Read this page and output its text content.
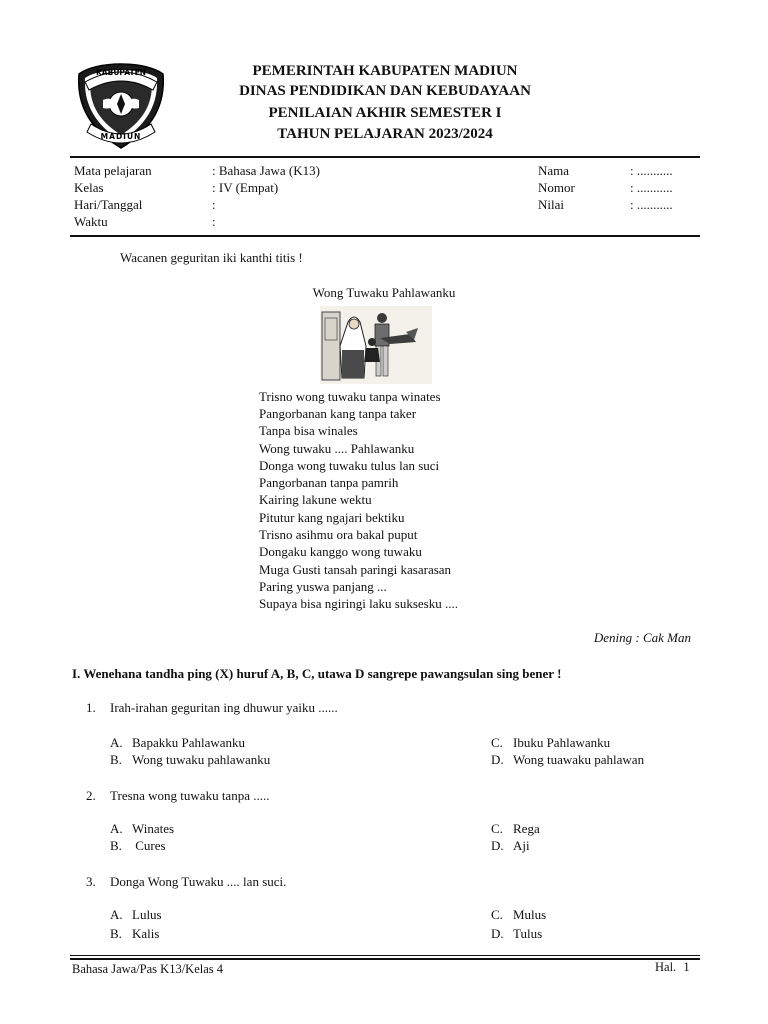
KABUPATEN
MADIUN
PEMERINTAH KABUPATEN MADIUN
DINAS PENDIDIKAN DAN KEBUDAYAAN
PENILAIAN AKHIR SEMESTER I
TAHUN PELAJARAN 2023/2024
Mata pelajaran	: Bahasa Jawa (K13)	Nama	: ...........
Kelas	: IV (Empat)	Nomor	: ...........
Hari/Tanggal	:	Nilai	: ...........
Waktu	:
Wacanen geguritan iki kanthi titis !
Wong Tuwaku Pahlawanku
Trisno wong tuwaku tanpa winates
Pangorbanan kang tanpa taker
Tanpa bisa winales
Wong tuwaku .... Pahlawanku
Donga wong tuwaku tulus lan suci
Pangorbanan tanpa pamrih
Kairing lakune wektu
Pitutur kang ngajari bektiku
Trisno asihmu ora bakal puput
Dongaku kanggo wong tuwaku
Muga Gusti tansah paringi kasarasan
Paring yuswa panjang ...
Supaya bisa ngiringi laku suksesku ....
Dening : Cak Man
I. Wenehana tandha ping (X) huruf A, B, C, utawa D sangrepe pawangsulan sing bener !
1. Irah-irahan geguritan ing dhuwur yaiku ......
A. Bapakku Pahlawanku
B. Wong tuwaku pahlawanku
C. Ibuku Pahlawanku
D. Wong tuawaku pahlawan
2. Tresna wong tuwaku tanpa .....
A. Winates
B. Cures
C. Rega
D. Aji
3. Donga Wong Tuwaku .... lan suci.
A. Lulus
B. Kalis
C. Mulus
D. Tulus
Bahasa Jawa/Pas K13/Kelas 4	Hal. 1
